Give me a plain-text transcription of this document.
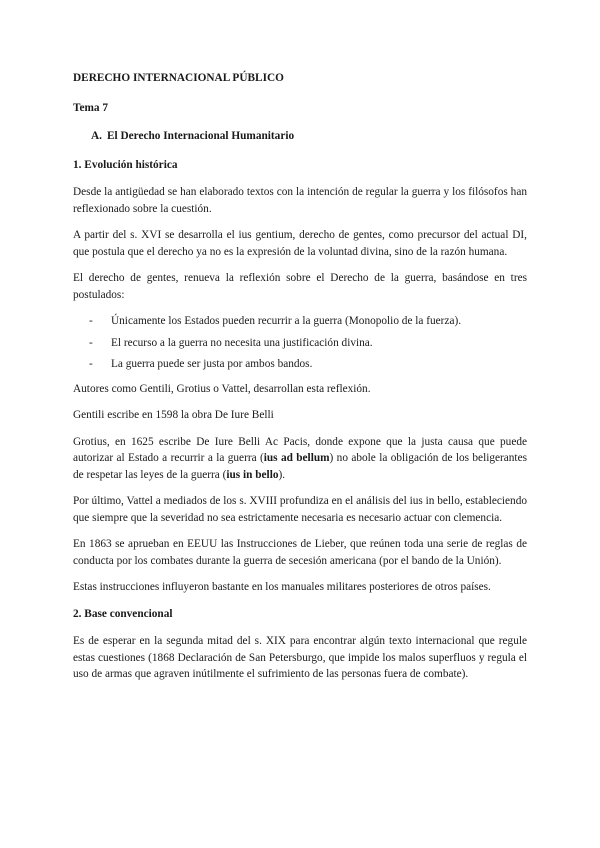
DERECHO INTERNACIONAL PÚBLICO
Tema 7
A. El Derecho Internacional Humanitario
1. Evolución histórica

Desde la antigüedad se han elaborado textos con la intención de regular la guerra y los filósofos han reflexionado sobre la cuestión.

A partir del s. XVI se desarrolla el ius gentium, derecho de gentes, como precursor del actual DI, que postula que el derecho ya no es la expresión de la voluntad divina, sino de la razón humana.

El derecho de gentes, renueva la reflexión sobre el Derecho de la guerra, basándose en tres postulados:

- Únicamente los Estados pueden recurrir a la guerra (Monopolio de la fuerza).
- El recurso a la guerra no necesita una justificación divina.
- La guerra puede ser justa por ambos bandos.

Autores como Gentili, Grotius o Vattel, desarrollan esta reflexión.

Gentili escribe en 1598 la obra De Iure Belli

Grotius, en 1625 escribe De Iure Belli Ac Pacis, donde expone que la justa causa que puede autorizar al Estado a recurrir a la guerra (ius ad bellum) no abole la obligación de los beligerantes de respetar las leyes de la guerra (ius in bello).

Por último, Vattel a mediados de los s. XVIII profundiza en el análisis del ius in bello, estableciendo que siempre que la severidad no sea estrictamente necesaria es necesario actuar con clemencia.

En 1863 se aprueban en EEUU las Instrucciones de Lieber, que reúnen toda una serie de reglas de conducta por los combates durante la guerra de secesión americana (por el bando de la Unión).

Estas instrucciones influyeron bastante en los manuales militares posteriores de otros países.

2. Base convencional

Es de esperar en la segunda mitad del s. XIX para encontrar algún texto internacional que regule estas cuestiones (1868 Declaración de San Petersburgo, que impide los malos superfluos y regula el uso de armas que agraven inútilmente el sufrimiento de las personas fuera de combate).
